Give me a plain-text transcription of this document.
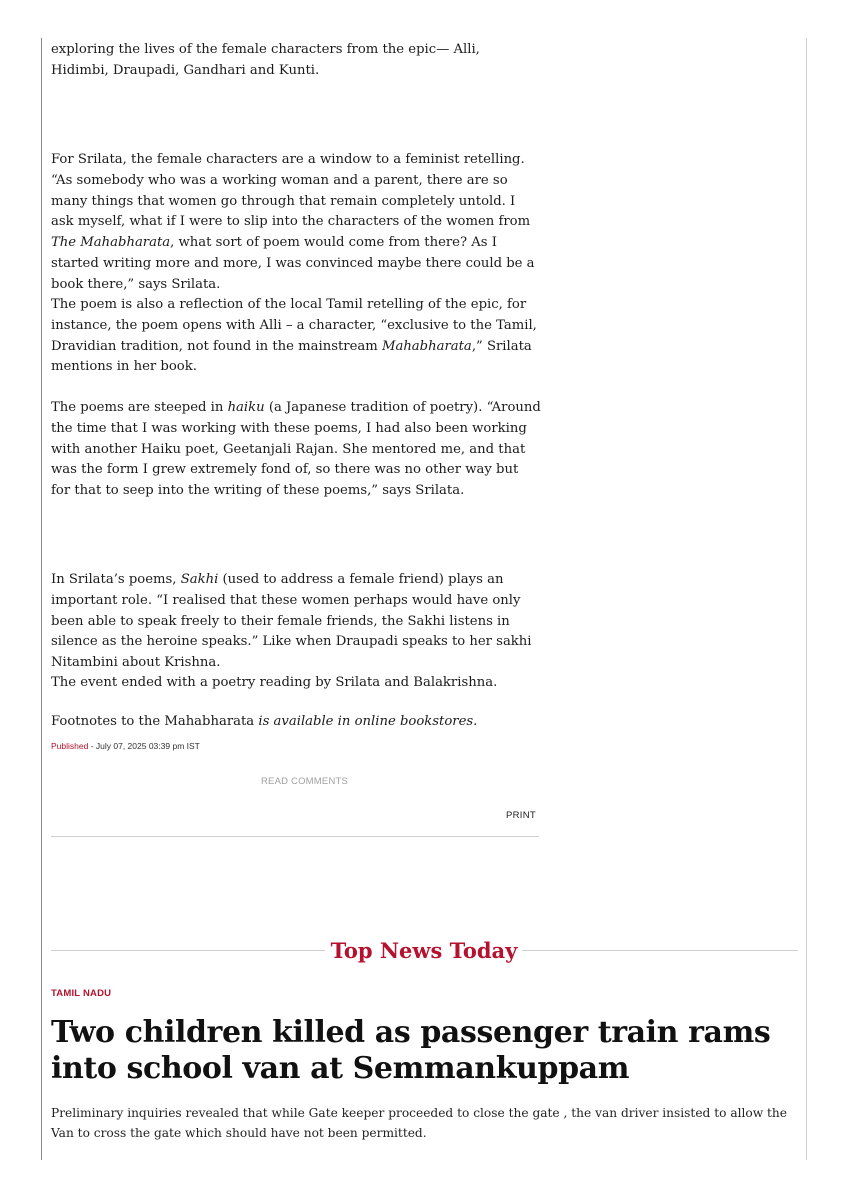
exploring the lives of the female characters from the epic— Alli, Hidimbi, Draupadi, Gandhari and Kunti.

For Srilata, the female characters are a window to a feminist retelling. “As somebody who was a working woman and a parent, there are so many things that women go through that remain completely untold. I ask myself, what if I were to slip into the characters of the women from The Mahabharata, what sort of poem would come from there? As I started writing more and more, I was convinced maybe there could be a book there,” says Srilata.

The poem is also a reflection of the local Tamil retelling of the epic, for instance, the poem opens with Alli – a character, “exclusive to the Tamil, Dravidian tradition, not found in the mainstream Mahabharata,” Srilata mentions in her book.

The poems are steeped in haiku (a Japanese tradition of poetry). “Around the time that I was working with these poems, I had also been working with another Haiku poet, Geetanjali Rajan. She mentored me, and that was the form I grew extremely fond of, so there was no other way but for that to seep into the writing of these poems,” says Srilata.

In Srilata’s poems, Sakhi (used to address a female friend) plays an important role. “I realised that these women perhaps would have only been able to speak freely to their female friends, the Sakhi listens in silence as the heroine speaks.” Like when Draupadi speaks to her sakhi Nitambini about Krishna.

The event ended with a poetry reading by Srilata and Balakrishna.

Footnotes to the Mahabharata is available in online bookstores.

Published - July 07, 2025 03:39 pm IST
READ COMMENTS
PRINT
Top News Today
TAMIL NADU
Two children killed as passenger train rams into school van at Semmankuppam

Preliminary inquiries revealed that while Gate keeper proceeded to close the gate , the van driver insisted to allow the Van to cross the gate which should have not been permitted.
